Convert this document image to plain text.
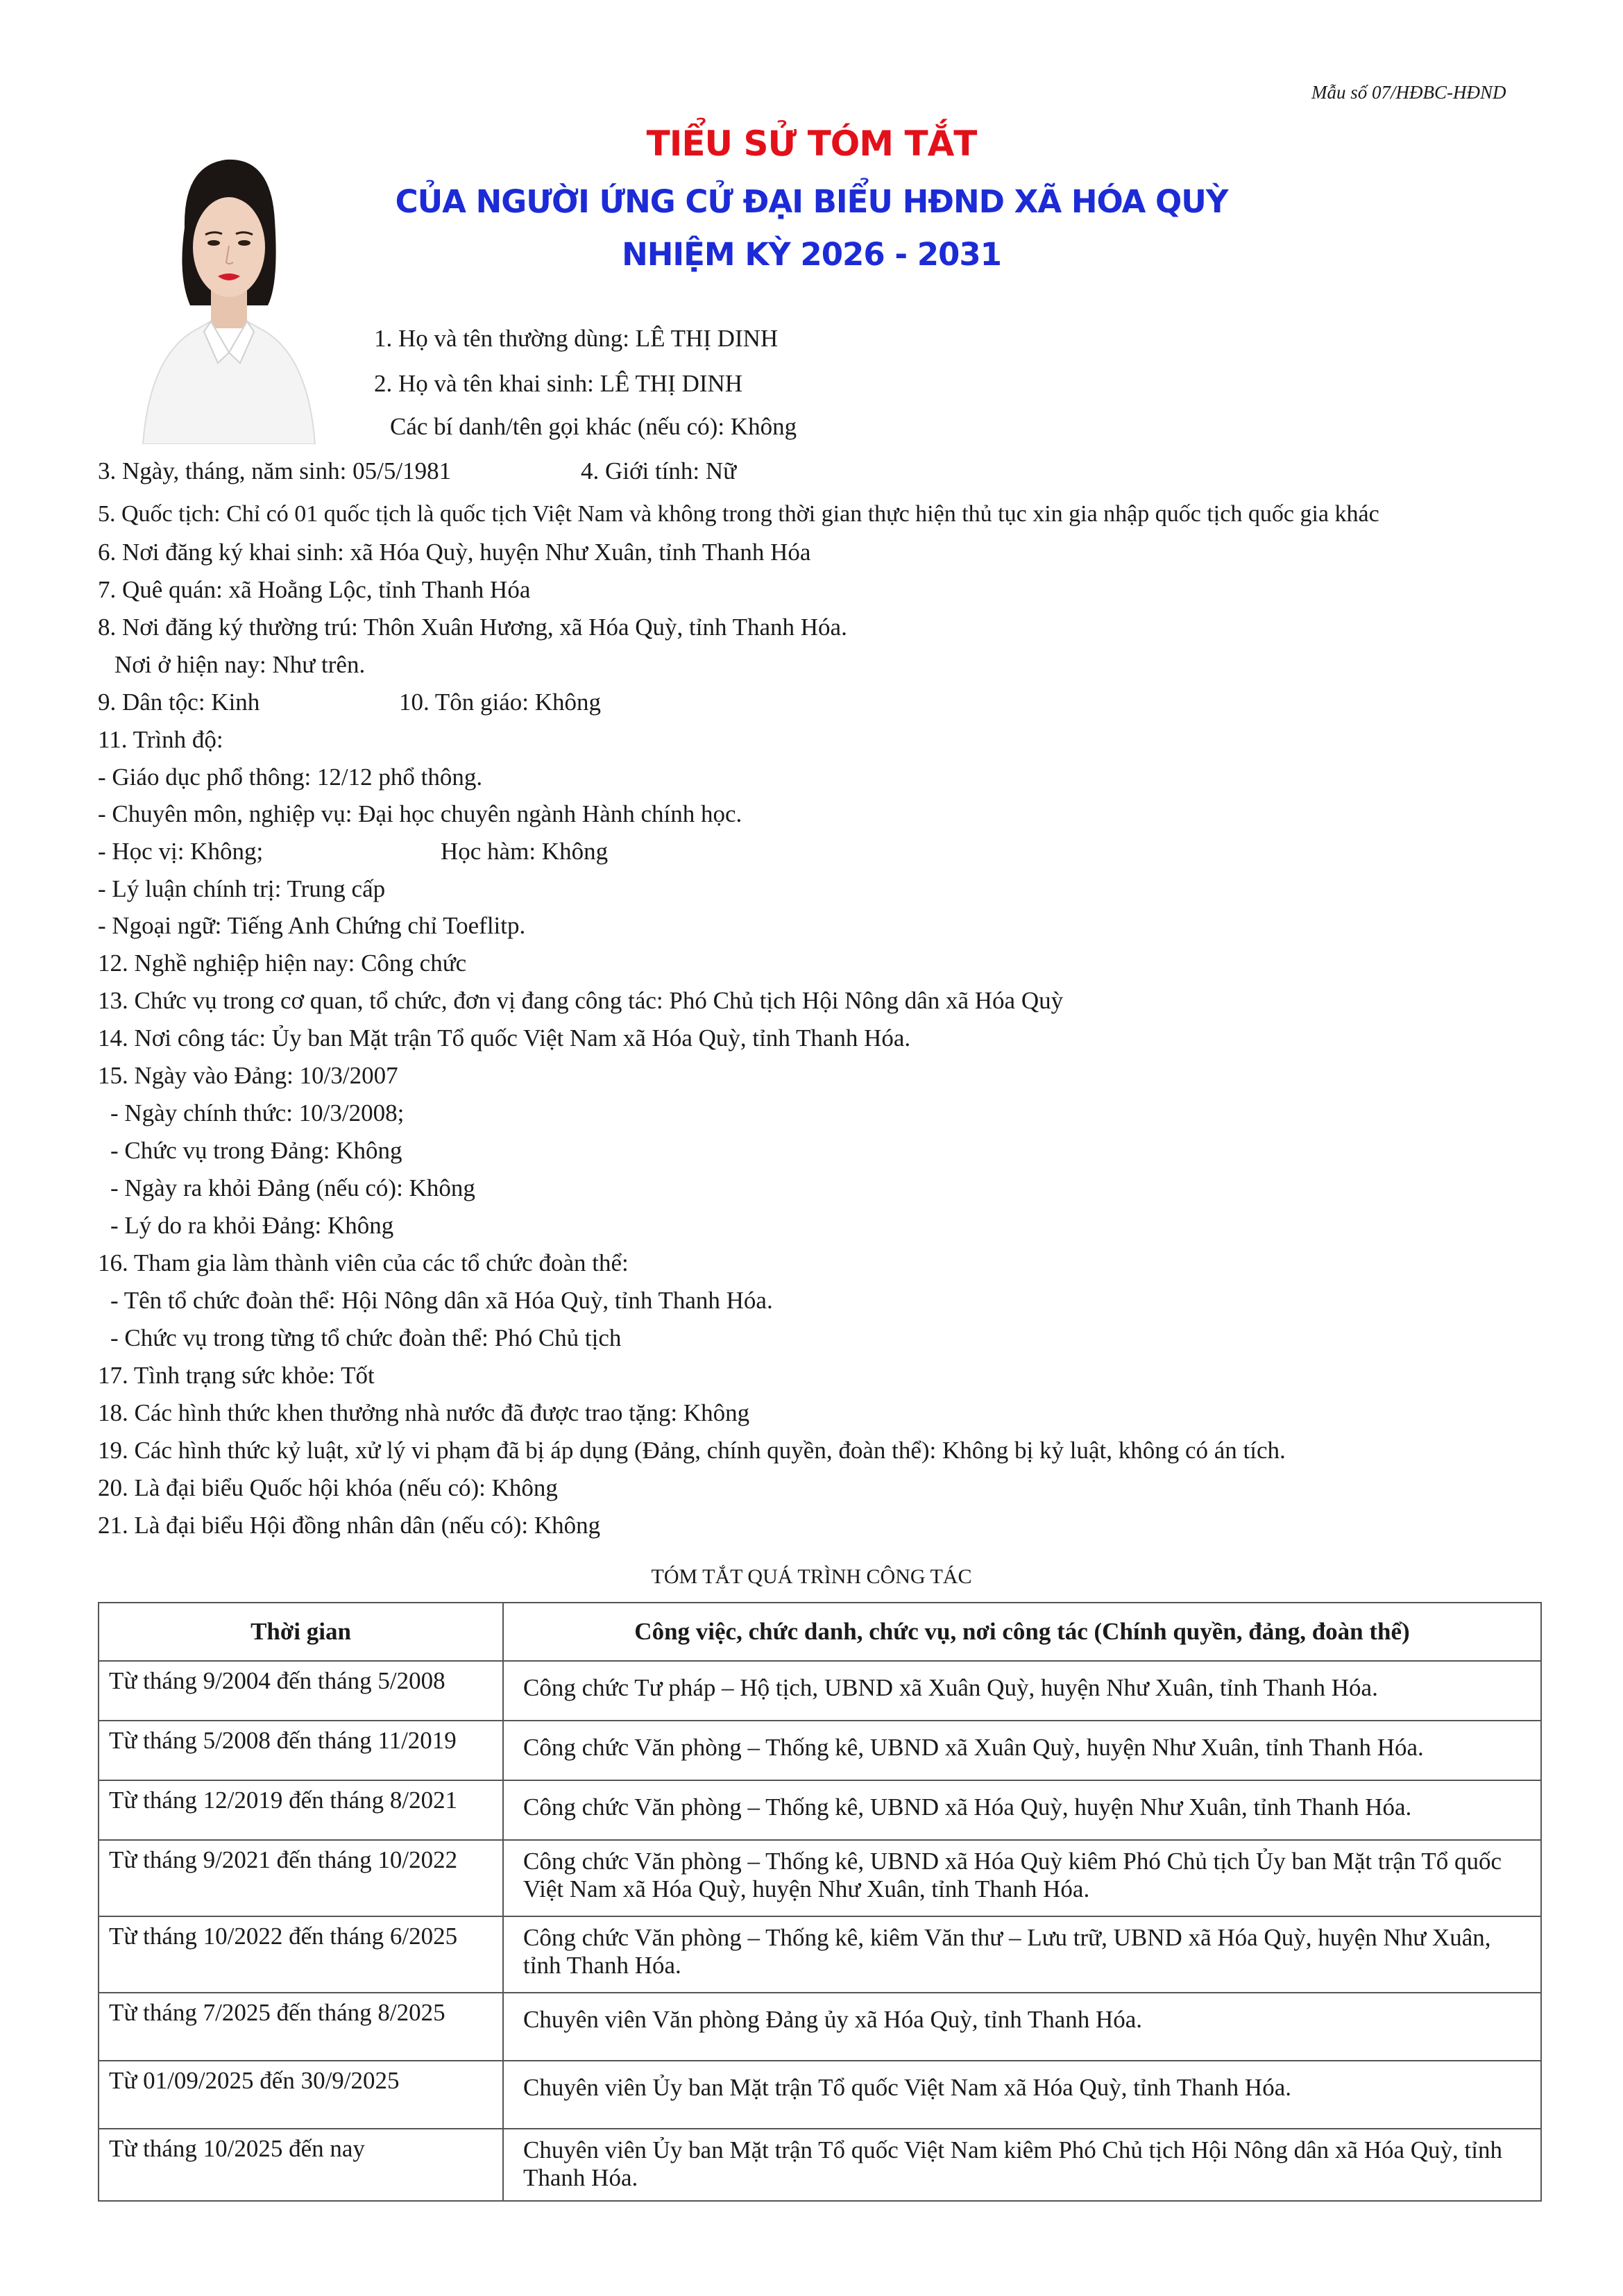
Mẫu số 07/HĐBC-HĐND
TIỂU SỬ TÓM TẮT
CỦA NGƯỜI ỨNG CỬ ĐẠI BIỂU HĐND XÃ HÓA QUỲ
NHIỆM KỲ 2026 - 2031
1. Họ và tên thường dùng: LÊ THỊ DINH
2. Họ và tên khai sinh: LÊ THỊ DINH
Các bí danh/tên gọi khác (nếu có): Không
3. Ngày, tháng, năm sinh: 05/5/1981	4. Giới tính: Nữ
5. Quốc tịch: Chỉ có 01 quốc tịch là quốc tịch Việt Nam và không trong thời gian thực hiện thủ tục xin gia nhập quốc tịch quốc gia khác
6. Nơi đăng ký khai sinh: xã Hóa Quỳ, huyện Như Xuân, tỉnh Thanh Hóa
7. Quê quán: xã Hoằng Lộc, tỉnh Thanh Hóa
8. Nơi đăng ký thường trú: Thôn Xuân Hương, xã Hóa Quỳ, tỉnh Thanh Hóa.
Nơi ở hiện nay: Như trên.
9. Dân tộc: Kinh	10. Tôn giáo: Không
11. Trình độ:
- Giáo dục phổ thông: 12/12 phổ thông.
- Chuyên môn, nghiệp vụ: Đại học chuyên ngành Hành chính học.
- Học vị: Không;	Học hàm: Không
- Lý luận chính trị: Trung cấp
- Ngoại ngữ: Tiếng Anh Chứng chỉ Toeflitp.
12. Nghề nghiệp hiện nay: Công chức
13. Chức vụ trong cơ quan, tổ chức, đơn vị đang công tác: Phó Chủ tịch Hội Nông dân xã Hóa Quỳ
14. Nơi công tác: Ủy ban Mặt trận Tổ quốc Việt Nam xã Hóa Quỳ, tỉnh Thanh Hóa.
15. Ngày vào Đảng: 10/3/2007
- Ngày chính thức: 10/3/2008;
- Chức vụ trong Đảng: Không
- Ngày ra khỏi Đảng (nếu có): Không
- Lý do ra khỏi Đảng: Không
16. Tham gia làm thành viên của các tổ chức đoàn thể:
- Tên tổ chức đoàn thể: Hội Nông dân xã Hóa Quỳ, tỉnh Thanh Hóa.
- Chức vụ trong từng tổ chức đoàn thể: Phó Chủ tịch
17. Tình trạng sức khỏe: Tốt
18. Các hình thức khen thưởng nhà nước đã được trao tặng: Không
19. Các hình thức kỷ luật, xử lý vi phạm đã bị áp dụng (Đảng, chính quyền, đoàn thể): Không bị kỷ luật, không có án tích.
20. Là đại biểu Quốc hội khóa (nếu có): Không
21. Là đại biểu Hội đồng nhân dân (nếu có): Không
TÓM TẮT QUÁ TRÌNH CÔNG TÁC
Thời gian	Công việc, chức danh, chức vụ, nơi công tác (Chính quyền, đảng, đoàn thể)
Từ tháng 9/2004 đến tháng 5/2008	Công chức Tư pháp – Hộ tịch, UBND xã Xuân Quỳ, huyện Như Xuân, tỉnh Thanh Hóa.
Từ tháng 5/2008 đến tháng 11/2019	Công chức Văn phòng – Thống kê, UBND xã Xuân Quỳ, huyện Như Xuân, tỉnh Thanh Hóa.
Từ tháng 12/2019 đến tháng 8/2021	Công chức Văn phòng – Thống kê, UBND xã Hóa Quỳ, huyện Như Xuân, tỉnh Thanh Hóa.
Từ tháng 9/2021 đến tháng 10/2022	Công chức Văn phòng – Thống kê, UBND xã Hóa Quỳ kiêm Phó Chủ tịch Ủy ban Mặt trận Tổ quốc Việt Nam xã Hóa Quỳ, huyện Như Xuân, tỉnh Thanh Hóa.
Từ tháng 10/2022 đến tháng 6/2025	Công chức Văn phòng – Thống kê, kiêm Văn thư – Lưu trữ, UBND xã Hóa Quỳ, huyện Như Xuân, tỉnh Thanh Hóa.
Từ tháng 7/2025 đến tháng 8/2025	Chuyên viên Văn phòng Đảng ủy xã Hóa Quỳ, tỉnh Thanh Hóa.
Từ 01/09/2025 đến 30/9/2025	Chuyên viên Ủy ban Mặt trận Tổ quốc Việt Nam xã Hóa Quỳ, tỉnh Thanh Hóa.
Từ tháng 10/2025 đến nay	Chuyên viên Ủy ban Mặt trận Tổ quốc Việt Nam kiêm Phó Chủ tịch Hội Nông dân xã Hóa Quỳ, tỉnh Thanh Hóa.
